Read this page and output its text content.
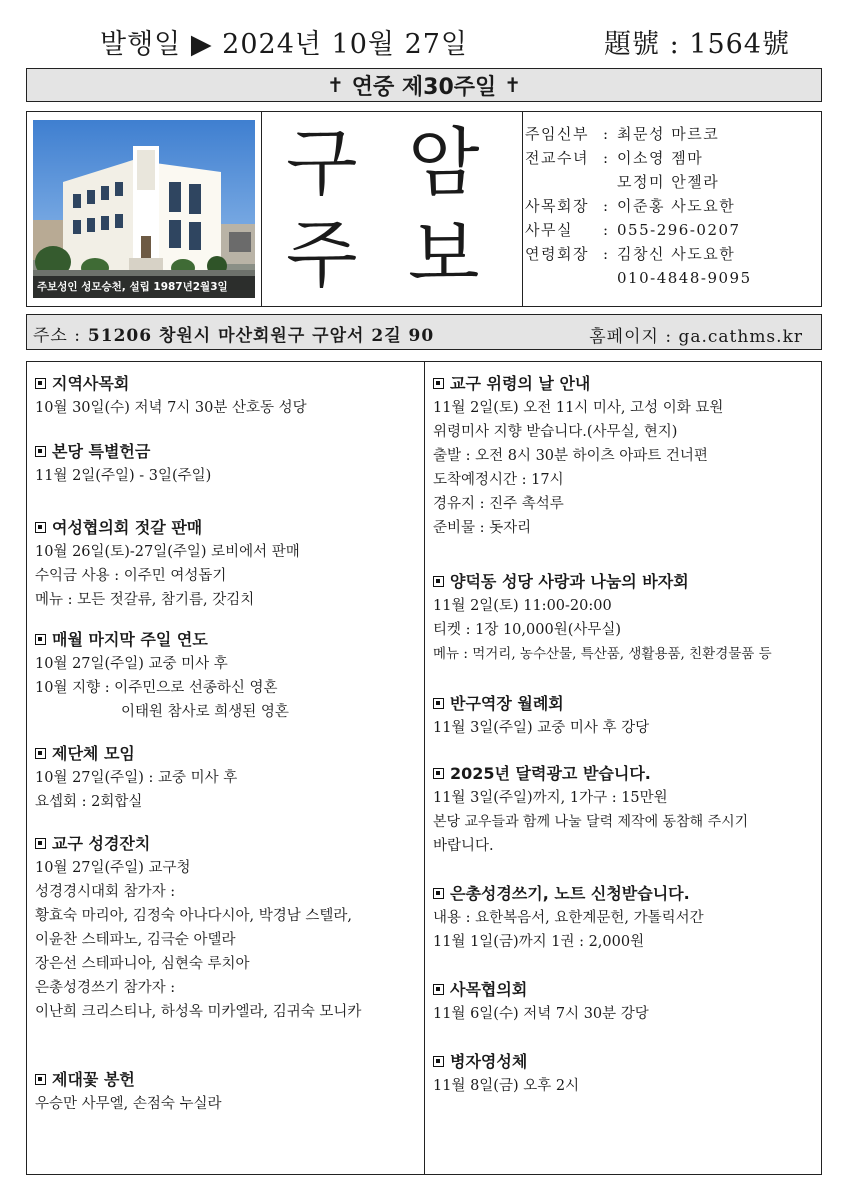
발행일 ▶ 2024년 10월 27일	題號 : 1564號
✝ 연중 제30주일 ✝
주보성인 성모승천, 설립 1987년2월3일
구 암
주 보
주임신부 : 최문성 마르코
전교수녀 : 이소영 젬마
모정미 안젤라
사목회장 : 이준홍 사도요한
사무실 : 055-296-0207
연령회장 : 김창신 사도요한
010-4848-9095
주소 : 51206 창원시 마산회원구 구암서 2길 90	홈페이지 : ga.cathms.kr
지역사목회
10월 30일(수) 저녁 7시 30분 산호동 성당
본당 특별헌금
11월 2일(주일) - 3일(주일)
여성협의회 젓갈 판매
10월 26일(토)-27일(주일) 로비에서 판매
수익금 사용 : 이주민 여성돕기
메뉴 : 모든 젓갈류, 참기름, 갓김치
매월 마지막 주일 연도
10월 27일(주일) 교중 미사 후
10월 지향 : 이주민으로 선종하신 영혼
이태원 참사로 희생된 영혼
제단체 모임
10월 27일(주일) : 교중 미사 후
요셉회 : 2회합실
교구 성경잔치
10월 27일(주일) 교구청
성경경시대회 참가자 :
황효숙 마리아, 김정숙 아나다시아, 박경남 스텔라,
이윤찬 스테파노, 김극순 아델라
장은선 스테파니아, 심현숙 루치아
은총성경쓰기 참가자 :
이난희 크리스티나, 하성옥 미카엘라, 김귀숙 모니카
제대꽃 봉헌
우승만 사무엘, 손점숙 누실라
교구 위령의 날 안내
11월 2일(토) 오전 11시 미사, 고성 이화 묘원
위령미사 지향 받습니다.(사무실, 현지)
출발 : 오전 8시 30분 하이츠 아파트 건너편
도착예정시간 : 17시
경유지 : 진주 촉석루
준비물 : 돗자리
양덕동 성당 사랑과 나눔의 바자회
11월 2일(토) 11:00-20:00
티켓 : 1장 10,000원(사무실)
메뉴 : 먹거리, 농수산물, 특산품, 생활용품, 친환경물품 등
반구역장 월례회
11월 3일(주일) 교중 미사 후 강당
2025년 달력광고 받습니다.
11월 3일(주일)까지, 1가구 : 15만원
본당 교우들과 함께 나눌 달력 제작에 동참해 주시기
바랍니다.
은총성경쓰기, 노트 신청받습니다.
내용 : 요한복음서, 요한계문헌, 가톨릭서간
11월 1일(금)까지 1권 : 2,000원
사목협의회
11월 6일(수) 저녁 7시 30분 강당
병자영성체
11월 8일(금) 오후 2시
